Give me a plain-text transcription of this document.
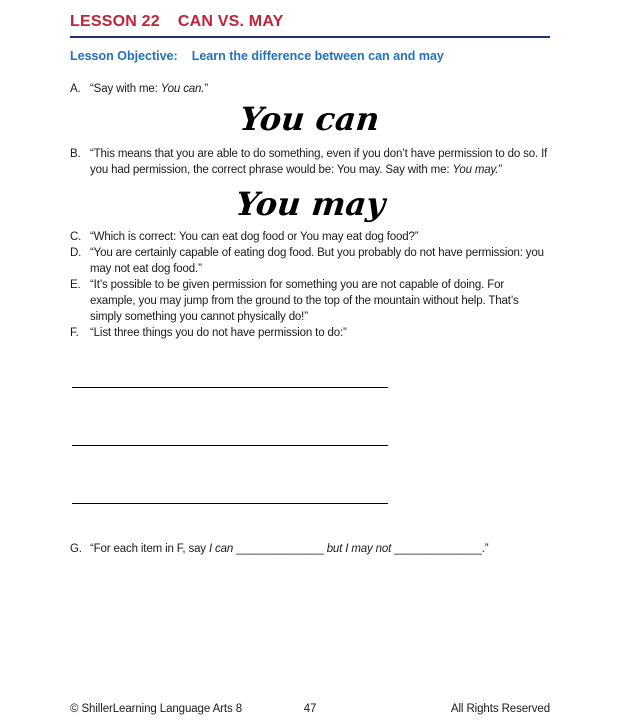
LESSON 22 CAN VS. MAY
Lesson Objective: Learn the difference between can and may
A. “Say with me: You can.”
You can
B. “This means that you are able to do something, even if you don’t have permission to do so. If you had permission, the correct phrase would be: You may. Say with me: You may.”
You may
C. “Which is correct: You can eat dog food or You may eat dog food?”
D. “You are certainly capable of eating dog food. But you probably do not have permission: you may not eat dog food.”
E. “It’s possible to be given permission for something you are not capable of doing. For example, you may jump from the ground to the top of the mountain without help. That’s simply something you cannot physically do!”
F. “List three things you do not have permission to do:”
G. “For each item in F, say I can ______________ but I may not ______________.”
© ShillerLearning Language Arts 8	47	All Rights Reserved
